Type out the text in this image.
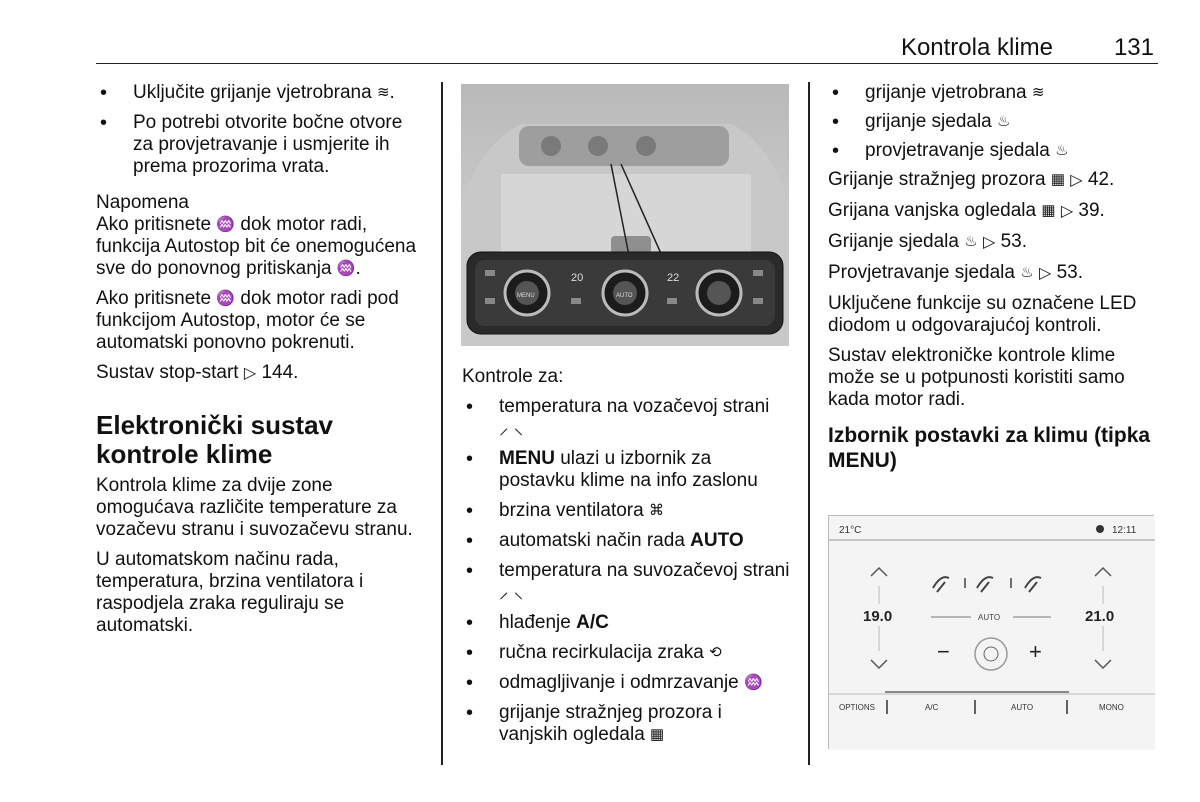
Kontrola klime	131
• Uključite grijanje vjetrobrana ≋.
• Po potrebi otvorite bočne otvore za provjetravanje i usmjerite ih prema prozorima vrata.
Napomena

Ako pritisnete ♒ dok motor radi, funkcija Autostop bit će onemogućena sve do ponovnog pritiskanja ♒.

Ako pritisnete ♒ dok motor radi pod funkcijom Autostop, motor će se automatski ponovno pokrenuti.

Sustav stop-start ▷ 144.

Elektronički sustav kontrole klime

Kontrola klime za dvije zone omogućava različite temperature za vozačevu stranu i suvozačevu stranu.

U automatskom načinu rada, temperatura, brzina ventilatora i raspodjela zraka reguliraju se automatski.

20	22
MENU	AUTO

Kontrole za:

• temperatura na vozačevoj strani
⸝ ⸜
• MENU ulazi u izbornik za postavku klime na info zaslonu
• brzina ventilatora ⌘
• automatski način rada AUTO
• temperatura na suvozačevoj strani ⸝ ⸜
• hlađenje A/C
• ručna recirkulacija zraka ⟲
• odmagljivanje i odmrzavanje ♒
• grijanje stražnjeg prozora i vanjskih ogledala ▦
• grijanje vjetrobrana ≋
• grijanje sjedala ♨
• provjetravanje sjedala ♨

Grijanje stražnjeg prozora ▦ ▷ 42.

Grijana vanjska ogledala ▦ ▷ 39.

Grijanje sjedala ♨ ▷ 53.

Provjetravanje sjedala ♨ ▷ 53.

Uključene funkcije su označene LED diodom u odgovarajućoj kontroli.

Sustav elektroničke kontrole klime može se u potpunosti koristiti samo kada motor radi.

Izbornik postavki za klimu (tipka MENU)
21°C	12:11
19.0	21.0
AUTO
−	+
OPTIONS	A/C	AUTO	MONO
